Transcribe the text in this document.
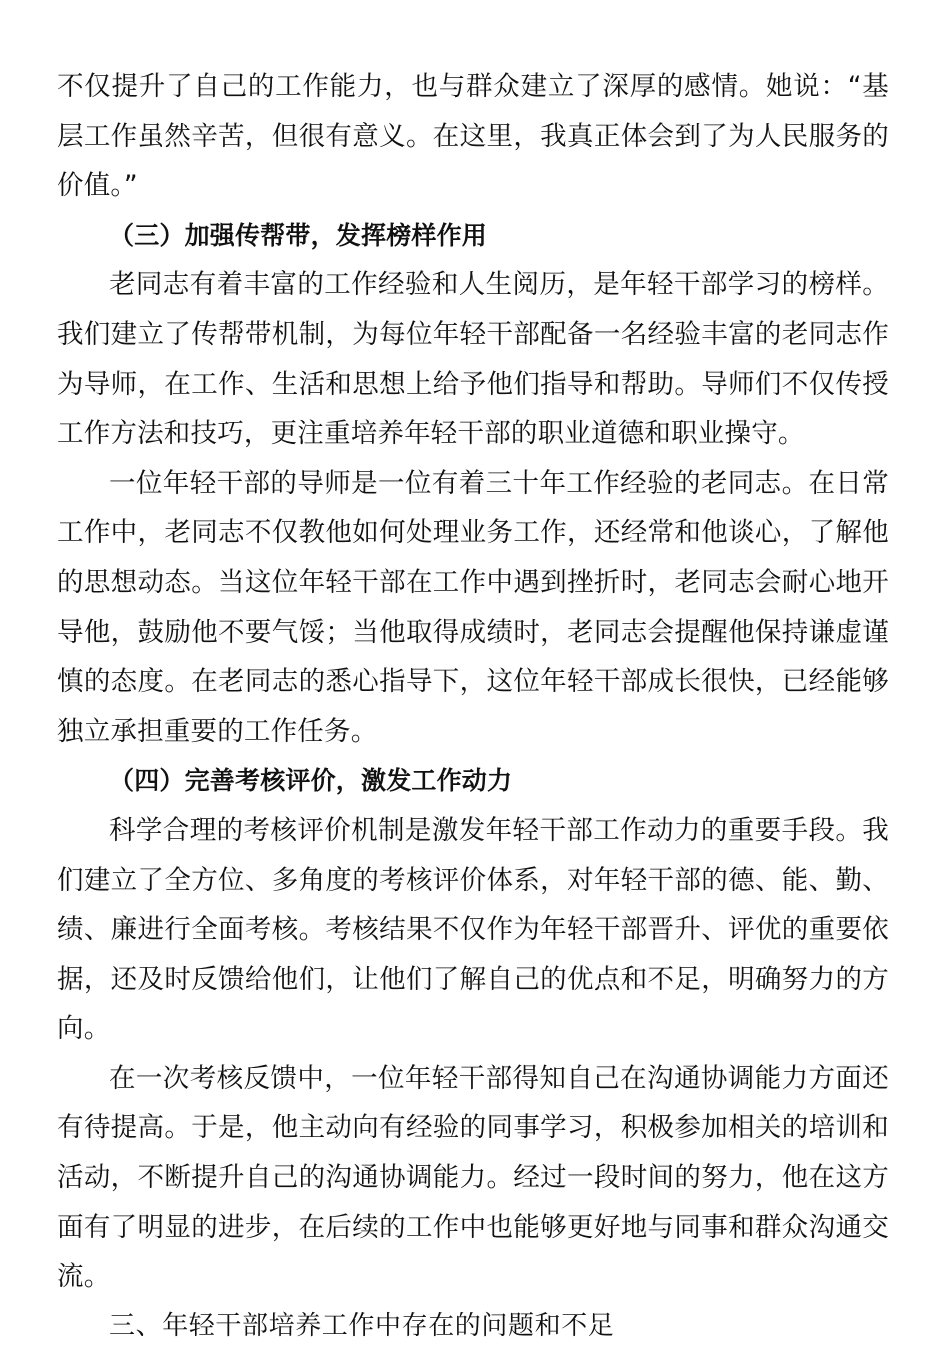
不仅提升了自己的工作能力，也与群众建立了深厚的感情。她说：“基层工作虽然辛苦，但很有意义。在这里，我真正体会到了为人民服务的价值。”

（三）加强传帮带，发挥榜样作用

老同志有着丰富的工作经验和人生阅历，是年轻干部学习的榜样。我们建立了传帮带机制，为每位年轻干部配备一名经验丰富的老同志作为导师，在工作、生活和思想上给予他们指导和帮助。导师们不仅传授工作方法和技巧，更注重培养年轻干部的职业道德和职业操守。

一位年轻干部的导师是一位有着三十年工作经验的老同志。在日常工作中，老同志不仅教他如何处理业务工作，还经常和他谈心，了解他的思想动态。当这位年轻干部在工作中遇到挫折时，老同志会耐心地开导他，鼓励他不要气馁；当他取得成绩时，老同志会提醒他保持谦虚谨慎的态度。在老同志的悉心指导下，这位年轻干部成长很快，已经能够独立承担重要的工作任务。

（四）完善考核评价，激发工作动力

科学合理的考核评价机制是激发年轻干部工作动力的重要手段。我们建立了全方位、多角度的考核评价体系，对年轻干部的德、能、勤、绩、廉进行全面考核。考核结果不仅作为年轻干部晋升、评优的重要依据，还及时反馈给他们，让他们了解自己的优点和不足，明确努力的方向。

在一次考核反馈中，一位年轻干部得知自己在沟通协调能力方面还有待提高。于是，他主动向有经验的同事学习，积极参加相关的培训和活动，不断提升自己的沟通协调能力。经过一段时间的努力，他在这方面有了明显的进步，在后续的工作中也能够更好地与同事和群众沟通交流。

三、年轻干部培养工作中存在的问题和不足
